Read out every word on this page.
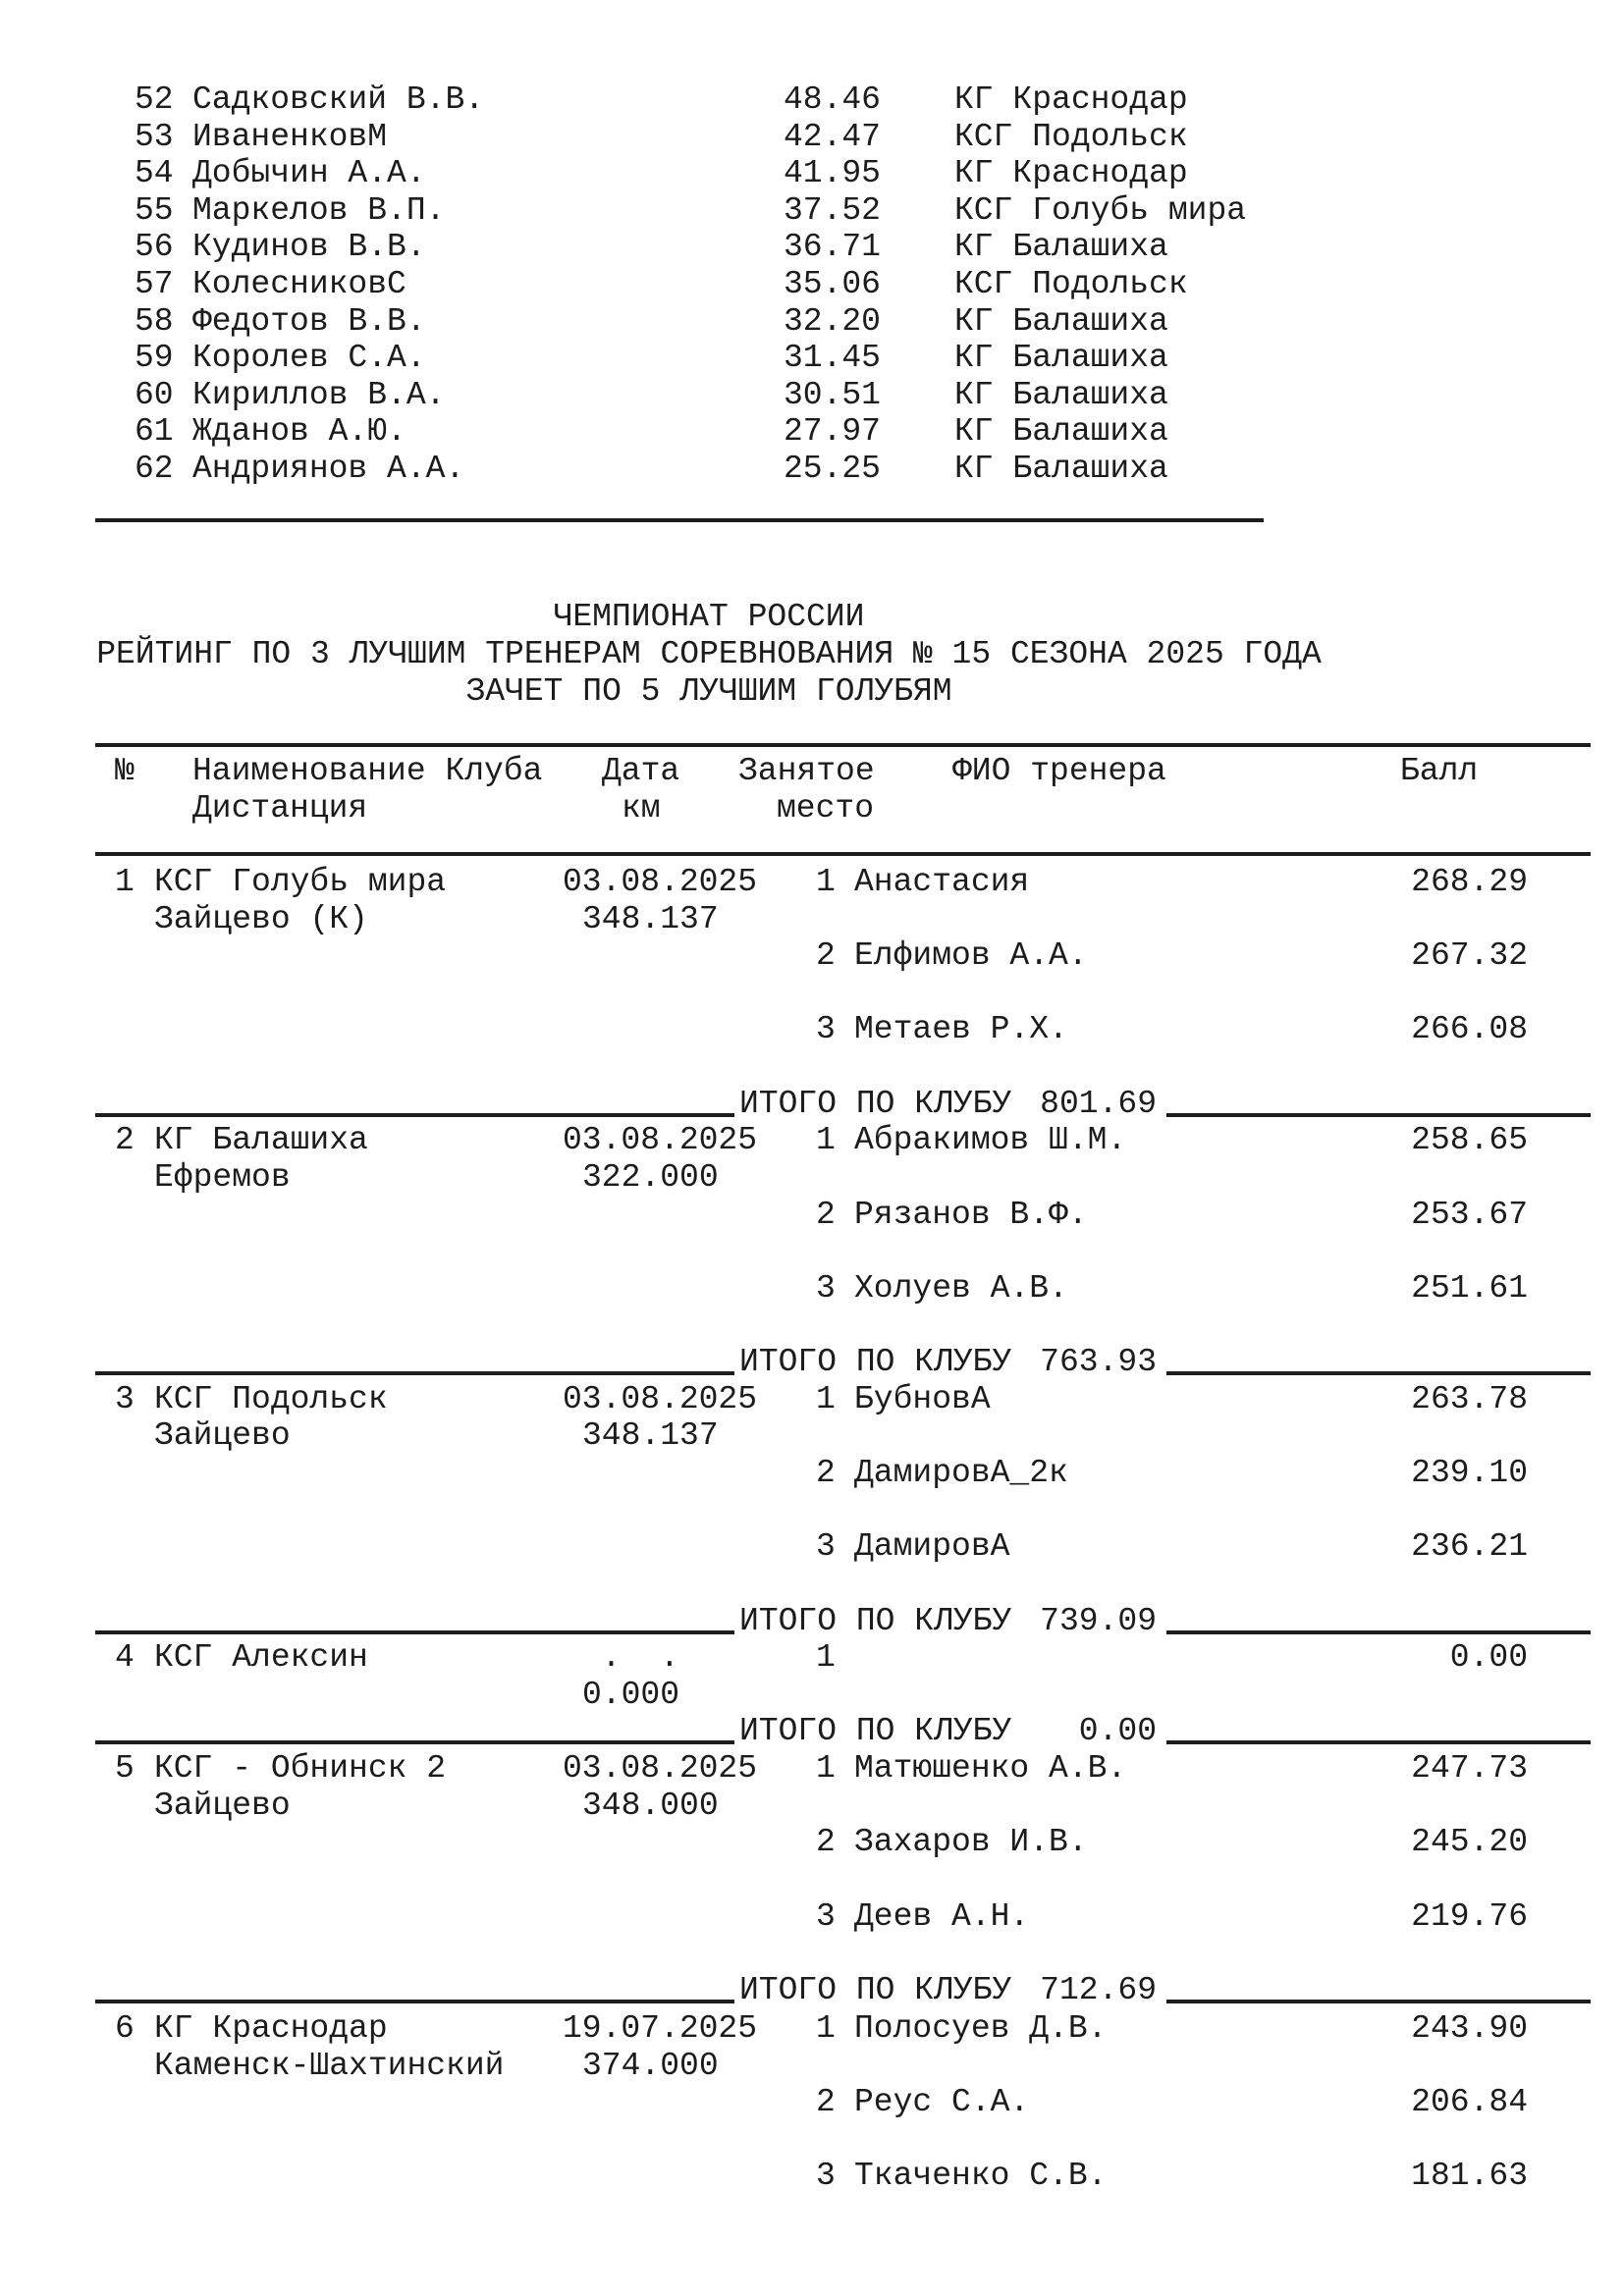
52 Садковский В.В.	48.46 КГ Краснодар
53 ИваненковМ	42.47 КСГ Подольск
54 Добычин А.А.	41.95 КГ Краснодар
55 Маркелов В.П.	37.52 КСГ Голубь мира
56 Кудинов В.В.	36.71 КГ Балашиха
57 КолесниковС	35.06 КСГ Подольск
58 Федотов В.В.	32.20 КГ Балашиха
59 Королев С.А.	31.45 КГ Балашиха
60 Кириллов В.А.	30.51 КГ Балашиха
61 Жданов А.Ю.	27.97 КГ Балашиха
62 Андриянов А.А.	25.25 КГ Балашиха
ЧЕМПИОНАТ РОССИИ
РЕЙТИНГ ПО 3 ЛУЧШИМ ТРЕНЕРАМ СОРЕВНОВАНИЯ № 15 СЕЗОНА 2025 ГОДА
ЗАЧЕТ ПО 5 ЛУЧШИМ ГОЛУБЯМ
№ Наименование Клуба Дата Занятое ФИО тренера	Балл
Дистанция	км	место
1 КСГ Голубь мира	03.08.2025 1 Анастасия	268.29
Зайцево (К)	348.137
2 Елфимов А.А.	267.32
3 Метаев Р.Х.	266.08
ИТОГО ПО КЛУБУ 801.69
2 КГ Балашиха	03.08.2025 1 Абракимов Ш.М.	258.65
Ефремов	322.000
2 Рязанов В.Ф.	253.67
3 Холуев А.В.	251.61
ИТОГО ПО КЛУБУ 763.93
3 КСГ Подольск	03.08.2025 1 БубновА	263.78
Зайцево	348.137
2 ДамировА_2к	239.10
3 ДамировА	236.21
ИТОГО ПО КЛУБУ 739.09
4 КСГ Алексин	.  .	1	0.00
0.000
ИТОГО ПО КЛУБУ	0.00
5 КСГ - Обнинск 2	03.08.2025 1 Матюшенко А.В.	247.73
Зайцево	348.000
2 Захаров И.В.	245.20
3 Деев А.Н.	219.76
ИТОГО ПО КЛУБУ 712.69
6 КГ Краснодар	19.07.2025 1 Полосуев Д.В.	243.90
Каменск-Шахтинский 374.000
2 Реус С.А.	206.84
3 Ткаченко С.В.	181.63
